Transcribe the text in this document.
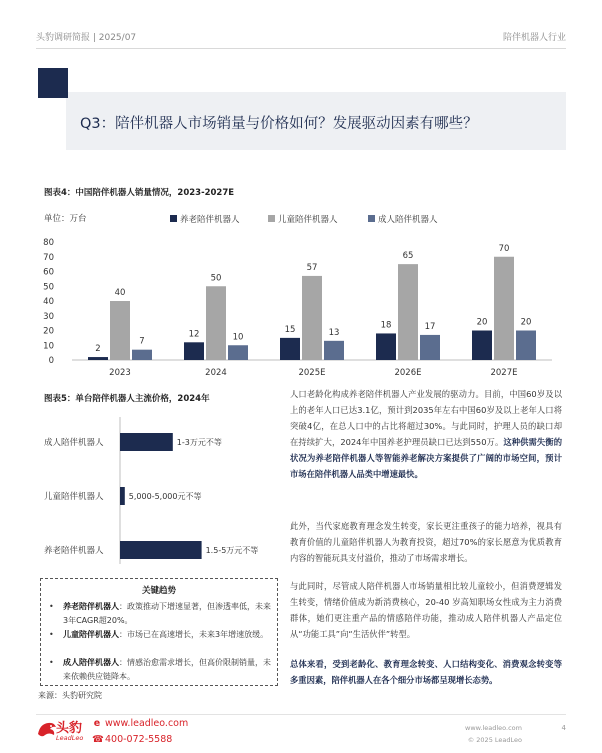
头豹调研简报 | 2025/07	陪伴机器人行业
Q3：陪伴机器人市场销量与价格如何？发展驱动因素有哪些？
图表4：中国陪伴机器人销量情况，2023-2027E
单位：万台	养老陪伴机器人	儿童陪伴机器人	成人陪伴机器人
0
10
20
30
40
50
60
70
80
2023
2
40
7
2024
12
50
10
2025E
15
57
13
2026E
18
65
17
2027E
20
70
20
图表5：单台陪伴机器人主流价格，2024年
成人陪伴机器人	1-3万元不等
儿童陪伴机器人	5,000-5,000元不等
养老陪伴机器人	1.5-5万元不等
关键趋势
• 养老陪伴机器人：政策推动下增速显著，但渗透率低，未来3年CAGR超20%。
• 儿童陪伴机器人：市场已在高速增长，未来3年增速放缓。
• 成人陪伴机器人：情感治愈需求增长，但高价限制销量，未来依赖供应链降本。
来源：头豹研究院
人口老龄化构成养老陪伴机器人产业发展的驱动力。目前，中国60岁及以上的老年人口已达3.1亿，预计到2035年左右中国60岁及以上老年人口将突破4亿，在总人口中的占比将超过30%。与此同时，护理人员的缺口却在持续扩大，2024年中国养老护理员缺口已达到550万。这种供需失衡的状况为养老陪伴机器人等智能养老解决方案提供了广阔的市场空间，预计市场在陪伴机器人品类中增速最快。
此外，当代家庭教育理念发生转变，家长更注重孩子的能力培养，视具有教育价值的儿童陪伴机器人为教育投资，超过70%的家长愿意为优质教育内容的智能玩具支付溢价，推动了市场需求增长。
与此同时，尽管成人陪伴机器人市场销量相比较儿童较小，但消费逻辑发生转变，情绪价值成为新消费核心，20-40 岁高知职场女性成为主力消费群体，她们更注重产品的情感陪伴功能，推动成人陪伴机器人产品定位从“功能工具”向“生活伙伴”转型。
总体来看，受到老龄化、教育理念转变、人口结构变化、消费观念转变等多重因素，陪伴机器人在各个细分市场都呈现增长态势。
头豹
LeadLeo
e www.leadleo.com
☎400-072-5588
www.leadleo.com
© 2025 LeadLeo
4
